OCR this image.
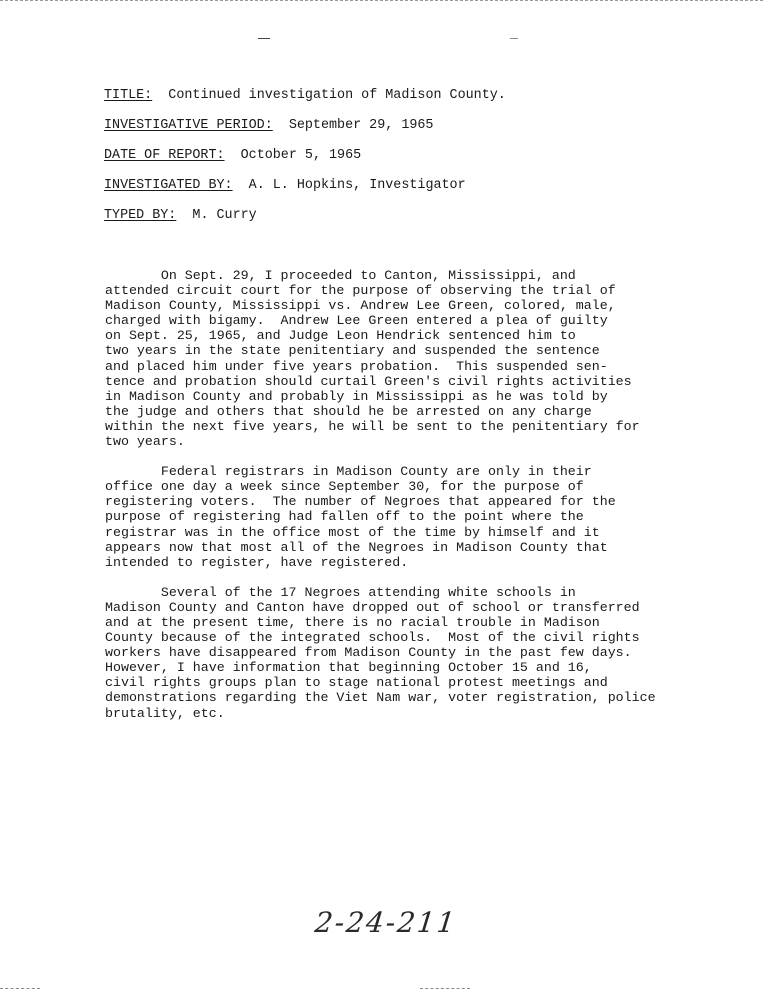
TITLE: Continued investigation of Madison County.
INVESTIGATIVE PERIOD: September 29, 1965
DATE OF REPORT: October 5, 1965
INVESTIGATED BY: A. L. Hopkins, Investigator
TYPED BY: M. Curry
On Sept. 29, I proceeded to Canton, Mississippi, and
attended circuit court for the purpose of observing the trial of
Madison County, Mississippi vs. Andrew Lee Green, colored, male,
charged with bigamy.  Andrew Lee Green entered a plea of guilty
on Sept. 25, 1965, and Judge Leon Hendrick sentenced him to
two years in the state penitentiary and suspended the sentence
and placed him under five years probation.  This suspended sen-
tence and probation should curtail Green's civil rights activities
in Madison County and probably in Mississippi as he was told by
the judge and others that should he be arrested on any charge
within the next five years, he will be sent to the penitentiary for
two years.
Federal registrars in Madison County are only in their
office one day a week since September 30, for the purpose of
registering voters.  The number of Negroes that appeared for the
purpose of registering had fallen off to the point where the
registrar was in the office most of the time by himself and it
appears now that most all of the Negroes in Madison County that
intended to register, have registered.
Several of the 17 Negroes attending white schools in
Madison County and Canton have dropped out of school or transferred
and at the present time, there is no racial trouble in Madison
County because of the integrated schools.  Most of the civil rights
workers have disappeared from Madison County in the past few days.
However, I have information that beginning October 15 and 16,
civil rights groups plan to stage national protest meetings and
demonstrations regarding the Viet Nam war, voter registration, police
brutality, etc.
2-24-211
